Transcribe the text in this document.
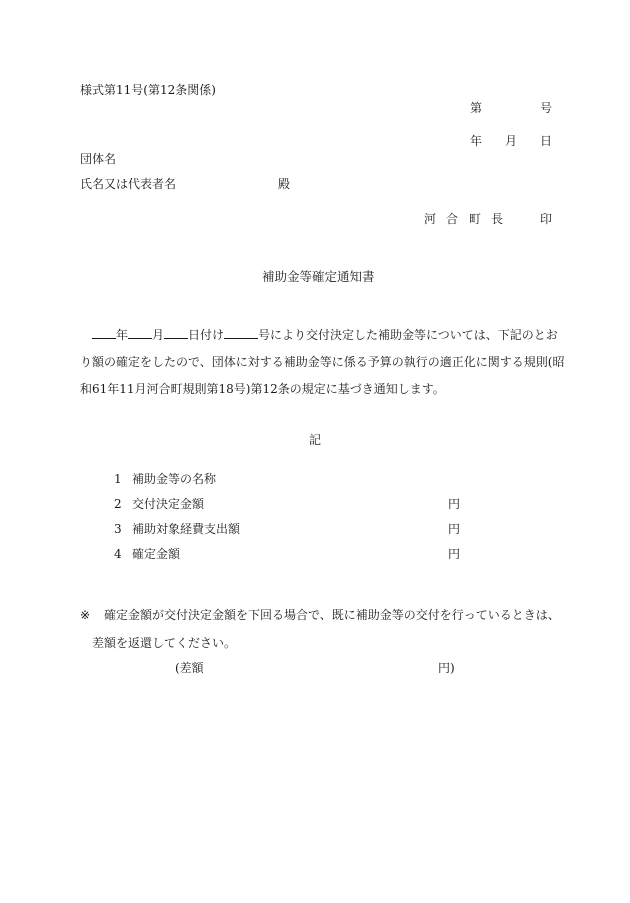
様式第11号(第12条関係)
第	号
年 月 日
団体名
氏名又は代表者名	殿
河 合 町 長	印
補助金等確定通知書
年 月 日付け	号により交付決定した補助金等については、下記のとお
り額の確定をしたので、団体に対する補助金等に係る予算の執行の適正化に関する規則(昭
和61年11月河合町規則第18号)第12条の規定に基づき通知します。
記
1 補助金等の名称
2 交付決定金額	円
3 補助対象経費支出額	円
4 確定金額	円
※ 確定金額が交付決定金額を下回る場合で、既に補助金等の交付を行っているときは、
差額を返還してください。
(差額	円)
